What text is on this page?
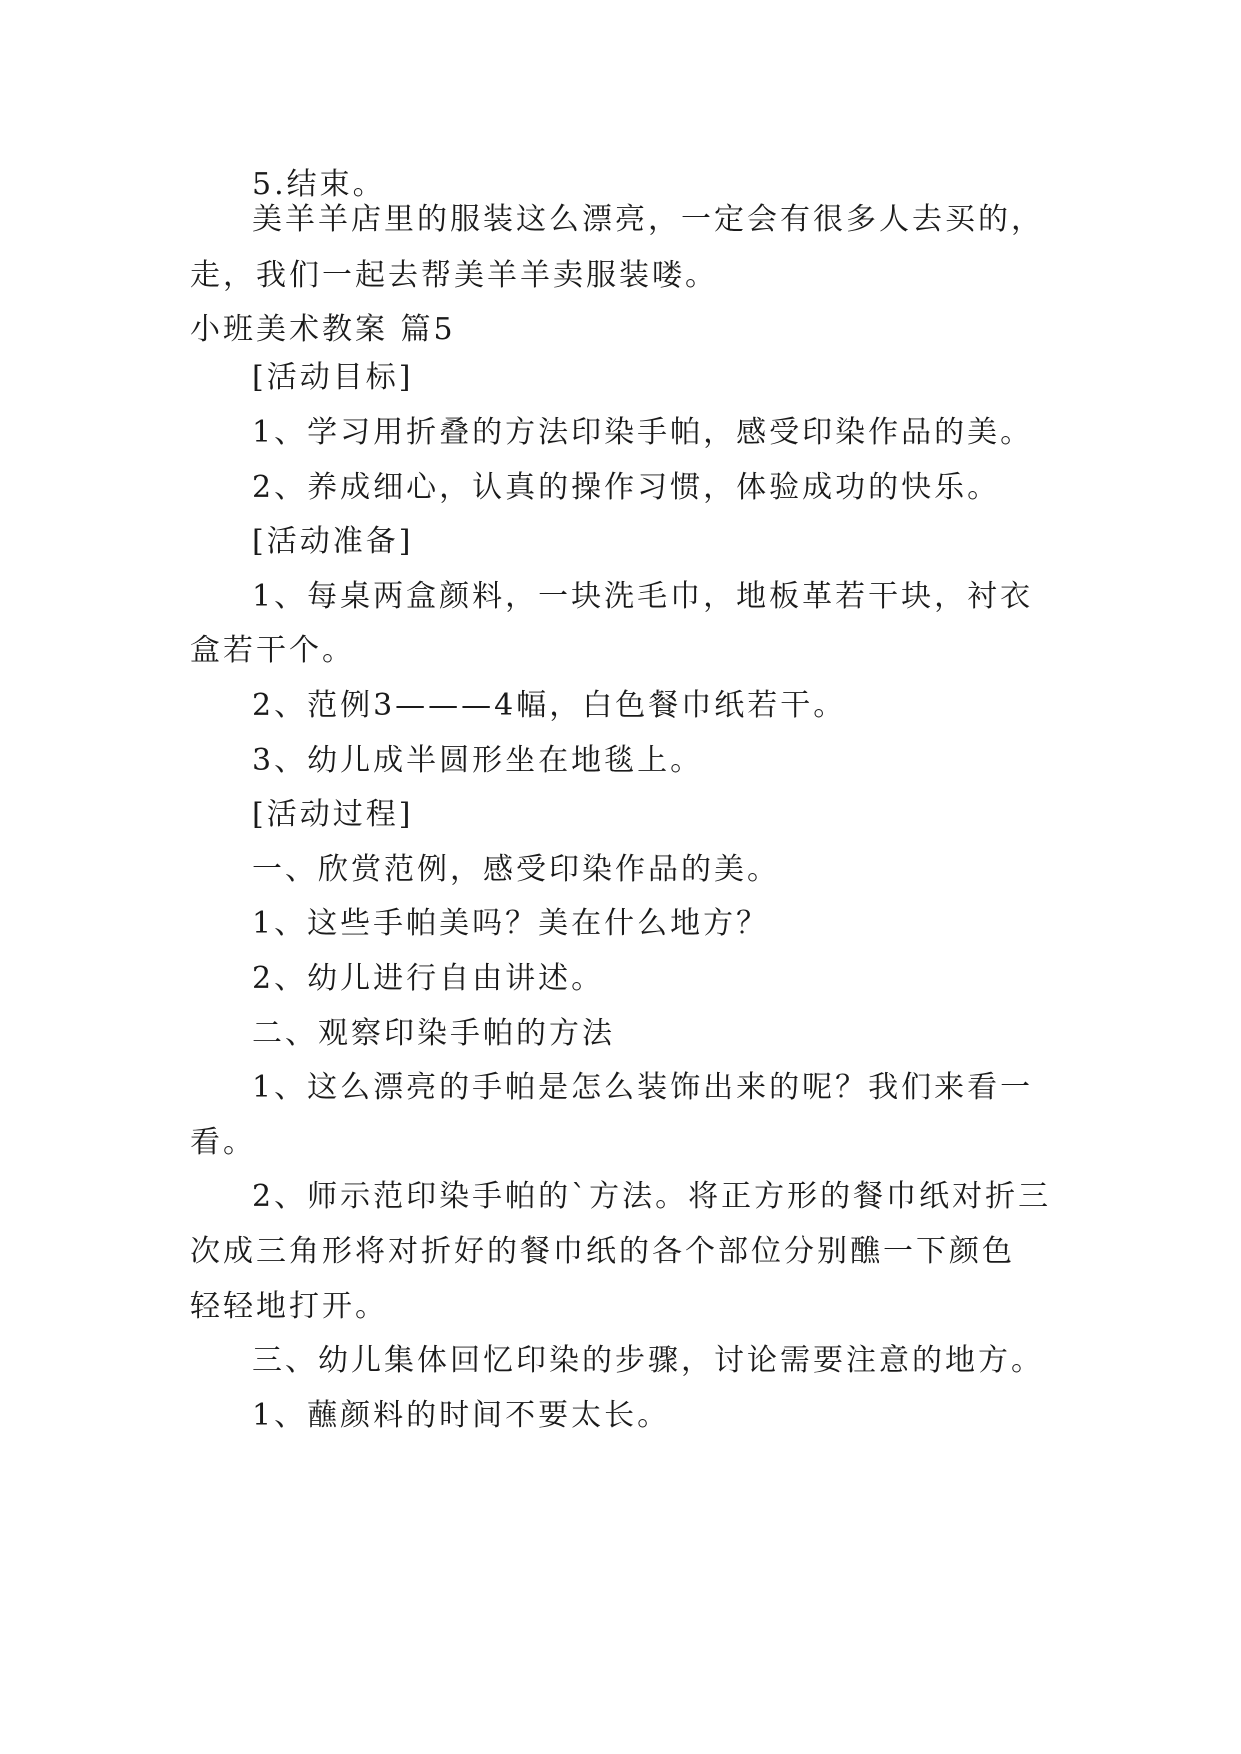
5.结束。
美羊羊店里的服装这么漂亮，一定会有很多人去买的，
走，我们一起去帮美羊羊卖服装喽。
小班美术教案 篇5
[活动目标]
1、学习用折叠的方法印染手帕，感受印染作品的美。
2、养成细心，认真的操作习惯，体验成功的快乐。
[活动准备]
1、每桌两盒颜料，一块洗毛巾，地板革若干块，衬衣
盒若干个。
2、范例3———4幅，白色餐巾纸若干。
3、幼儿成半圆形坐在地毯上。
[活动过程]
一、欣赏范例，感受印染作品的美。
1、这些手帕美吗？美在什么地方？
2、幼儿进行自由讲述。
二、观察印染手帕的方法
1、这么漂亮的手帕是怎么装饰出来的呢？我们来看一
看。
2、师示范印染手帕的`方法。将正方形的餐巾纸对折三
次成三角形将对折好的餐巾纸的各个部位分别醮一下颜色
轻轻地打开。
三、幼儿集体回忆印染的步骤，讨论需要注意的地方。
1、蘸颜料的时间不要太长。
